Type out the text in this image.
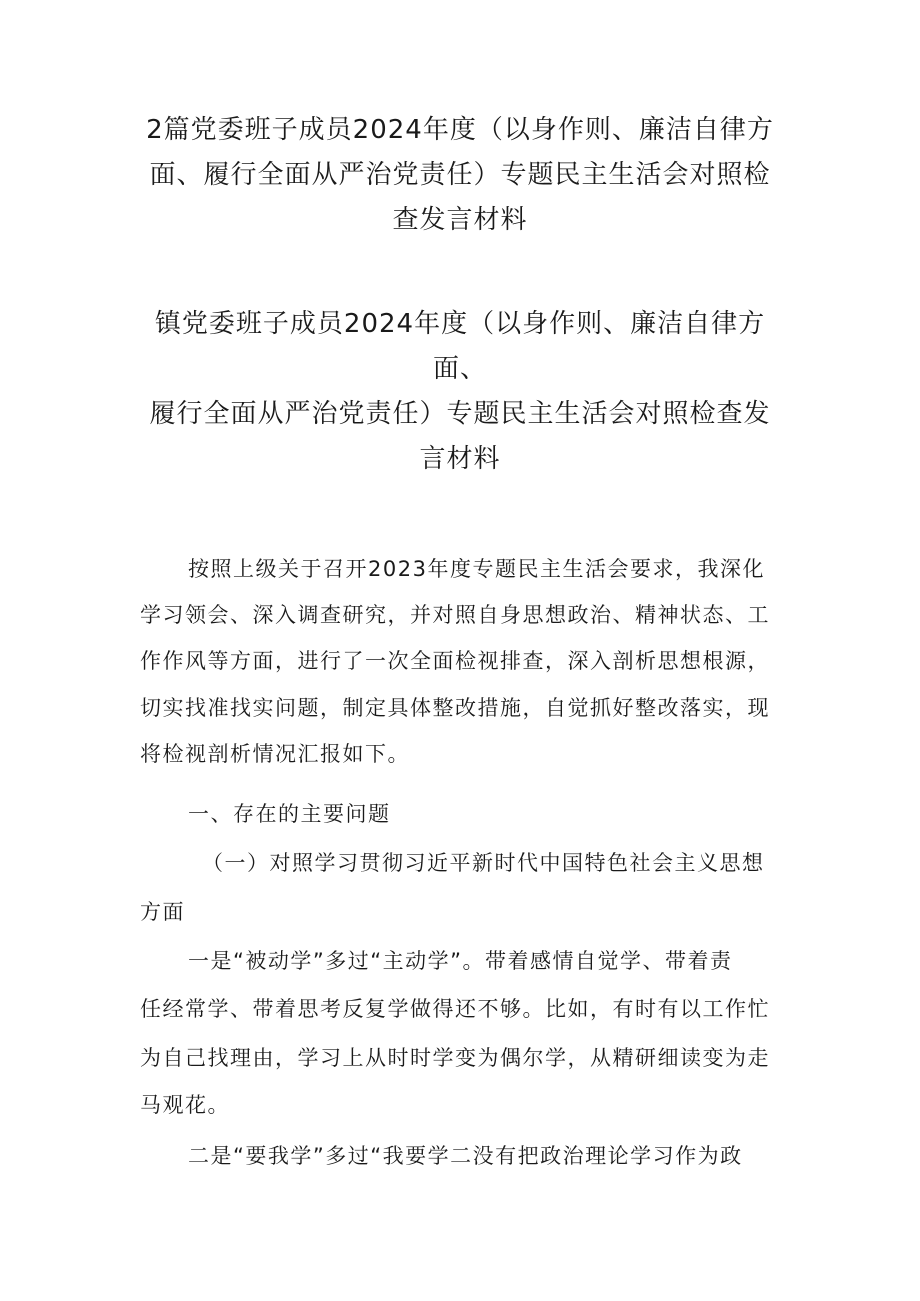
2篇党委班子成员2024年度（以身作则、廉洁自律方
面、履行全面从严治党责任）专题民主生活会对照检
查发言材料
镇党委班子成员2024年度（以身作则、廉洁自律方
面、
履行全面从严治党责任）专题民主生活会对照检查发
言材料

按照上级关于召开2023年度专题民主生活会要求，我深化

学习领会、深入调查研究，并对照自身思想政治、精神状态、工

作作风等方面，进行了一次全面检视排查，深入剖析思想根源，

切实找准找实问题，制定具体整改措施，自觉抓好整改落实，现

将检视剖析情况汇报如下。

一、存在的主要问题

（一）对照学习贯彻习近平新时代中国特色社会主义思想

方面

一是“被动学”多过“主动学”。带着感情自觉学、带着责

任经常学、带着思考反复学做得还不够。比如，有时有以工作忙

为自己找理由，学习上从时时学变为偶尔学，从精研细读变为走

马观花。

二是“要我学”多过“我要学二没有把政治理论学习作为政
